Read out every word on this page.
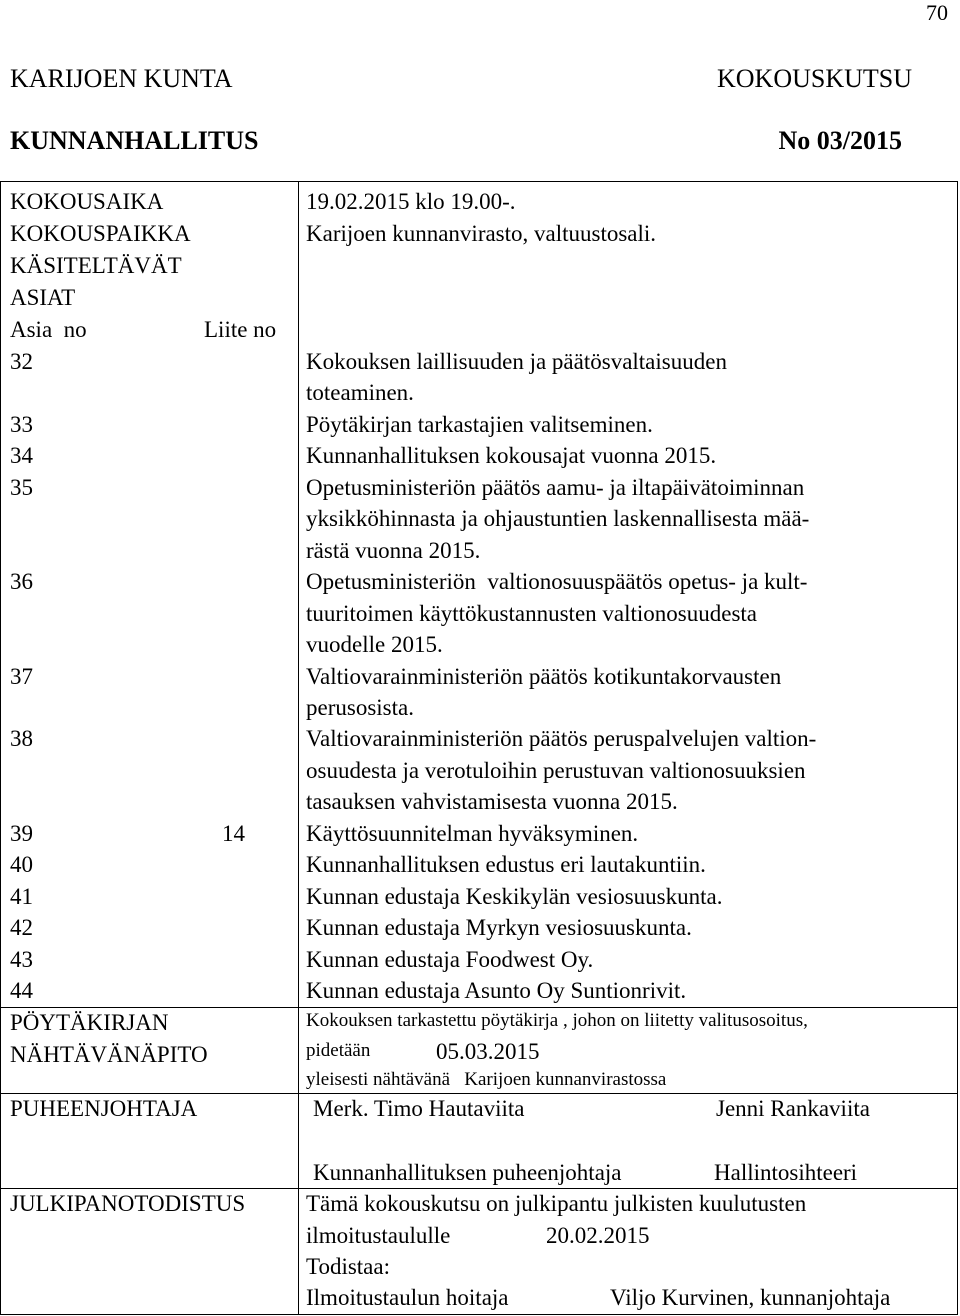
70
KARIJOEN KUNTA	KOKOUSKUTSU
KUNNANHALLITUS	No 03/2015
KOKOUSAIKA	19.02.2015 klo 19.00-.
KOKOUSPAIKKA	Karijoen kunnanvirasto, valtuustosali.
KÄSITELTÄVÄT
ASIAT
Asia  no	Liite no
32	Kokouksen laillisuuden ja päätösvaltaisuuden
toteaminen.
33	Pöytäkirjan tarkastajien valitseminen.
34	Kunnanhallituksen kokousajat vuonna 2015.
35	Opetusministeriön päätös aamu- ja iltapäivätoiminnan
yksikköhinnasta ja ohjaustuntien laskennallisesta mää-
rästä vuonna 2015.
36	Opetusministeriön  valtionosuuspäätös opetus- ja kult-
tuuritoimen käyttökustannusten valtionosuudesta
vuodelle 2015.
37	Valtiovarainministeriön päätös kotikuntakorvausten
perusosista.
38	Valtiovarainministeriön päätös peruspalvelujen valtion-
osuudesta ja verotuloihin perustuvan valtionosuuksien
tasauksen vahvistamisesta vuonna 2015.
39	14	Käyttösuunnitelman hyväksyminen.
40	Kunnanhallituksen edustus eri lautakuntiin.
41	Kunnan edustaja Keskikylän vesiosuuskunta.
42	Kunnan edustaja Myrkyn vesiosuuskunta.
43	Kunnan edustaja Foodwest Oy.
44	Kunnan edustaja Asunto Oy Suntionrivit.
PÖYTÄKIRJAN
NÄHTÄVÄNÄPITO
Kokouksen tarkastettu pöytäkirja , johon on liitetty valitusosoitus,
pidetään	05.03.2015
yleisesti nähtävänä   Karijoen kunnanvirastossa
PUHEENJOHTAJA	Merk. Timo Hautaviita	Jenni Rankaviita
Kunnanhallituksen puheenjohtaja	Hallintosihteeri
JULKIPANOTODISTUS	Tämä kokouskutsu on julkipantu julkisten kuulutusten
ilmoitustaululle	20.02.2015
Todistaa:
Ilmoitustaulun hoitaja	Viljo Kurvinen, kunnanjohtaja
